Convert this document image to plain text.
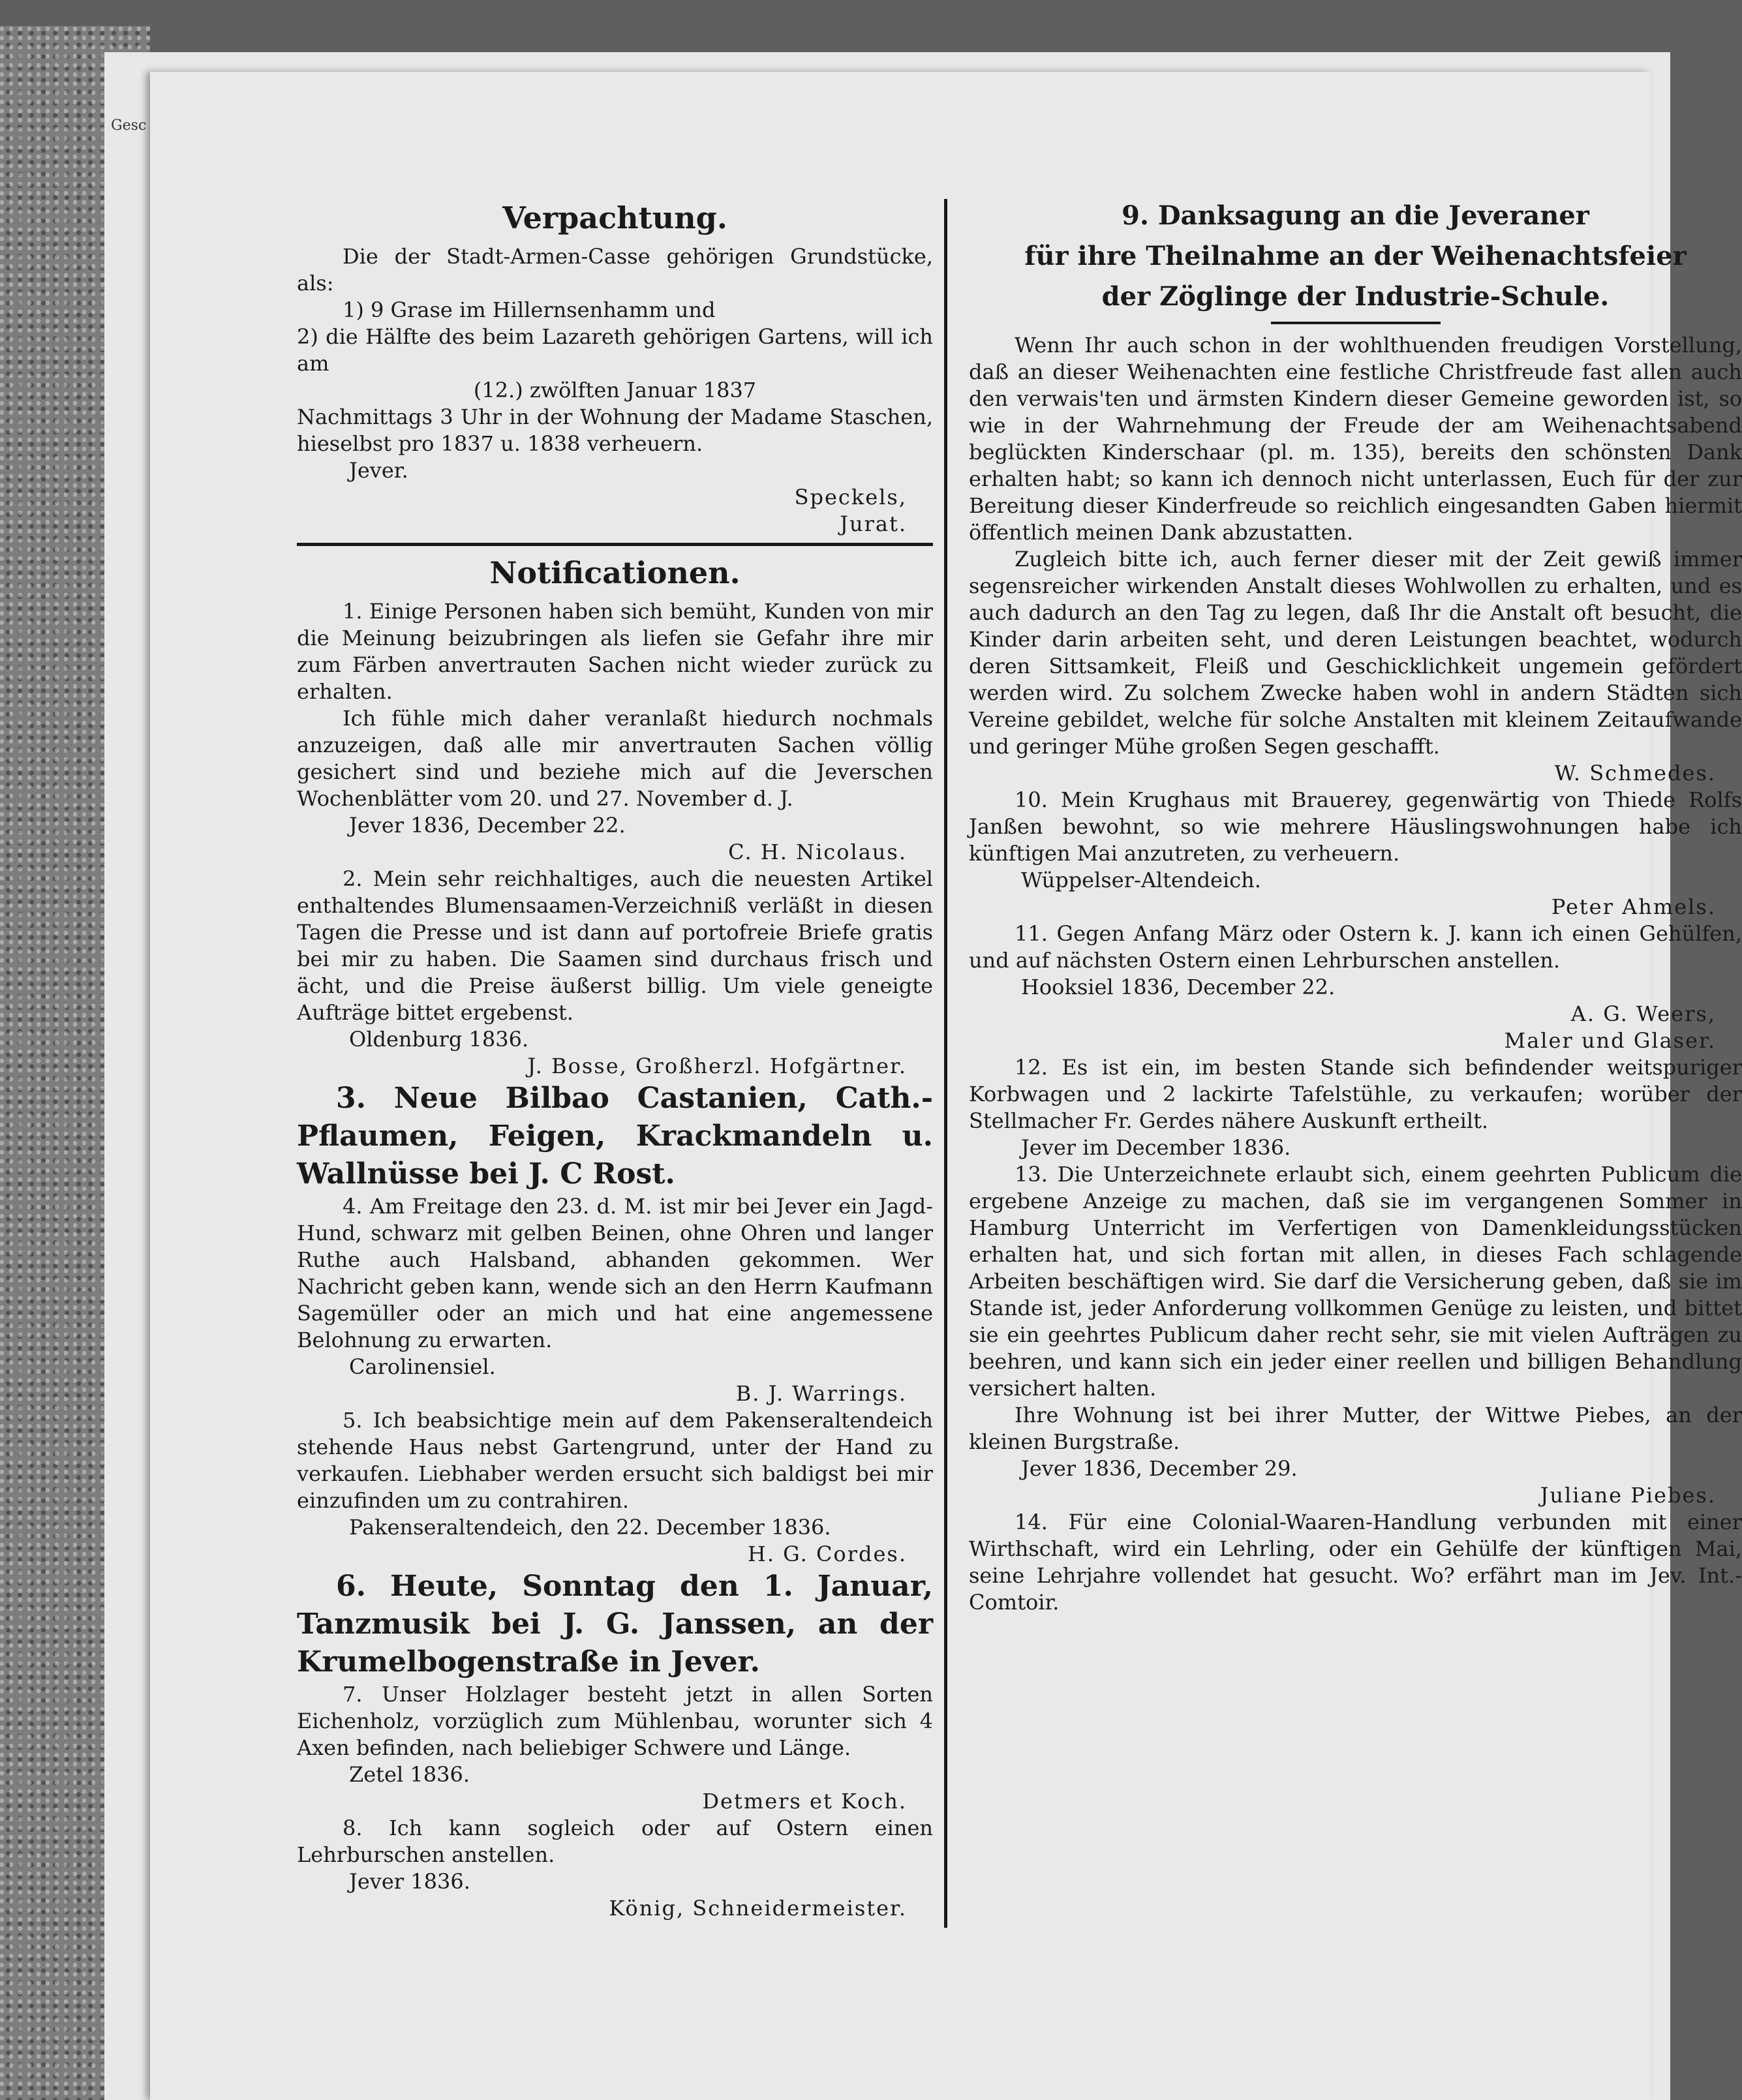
Gesc
Verpachtung.

Die der Stadt-Armen-Casse gehörigen Grundstücke, als:

1) 9 Grase im Hillernsenhamm und

2) die Hälfte des beim Lazareth gehörigen Gartens, will ich am

(12.) zwölften Januar 1837

Nachmittags 3 Uhr in der Wohnung der Madame Staschen, hieselbst pro 1837 u. 1838 verheuern.

Jever.
Speckels,
Jurat.
Notificationen.

1. Einige Personen haben sich bemüht, Kunden von mir die Meinung beizubringen als liefen sie Gefahr ihre mir zum Färben anvertrauten Sachen nicht wieder zurück zu erhalten.

Ich fühle mich daher veranlaßt hiedurch nochmals anzuzeigen, daß alle mir anvertrauten Sachen völlig gesichert sind und beziehe mich auf die Jeverschen Wochenblätter vom 20. und 27. November d. J.

Jever 1836, December 22.
C. H. Nicolaus.

2. Mein sehr reichhaltiges, auch die neuesten Artikel enthaltendes Blumensaamen-Verzeichniß verläßt in diesen Tagen die Presse und ist dann auf portofreie Briefe gratis bei mir zu haben. Die Saamen sind durchaus frisch und ächt, und die Preise äußerst billig. Um viele geneigte Aufträge bittet ergebenst.

Oldenburg 1836.
J. Bosse, Großherzl. Hofgärtner.
3. Neue Bilbao Castanien, Cath.-Pflaumen, Feigen, Krackmandeln u. Wallnüsse bei J. C Rost.

4. Am Freitage den 23. d. M. ist mir bei Jever ein Jagd-Hund, schwarz mit gelben Beinen, ohne Ohren und langer Ruthe auch Halsband, abhanden gekommen. Wer Nachricht geben kann, wende sich an den Herrn Kaufmann Sagemüller oder an mich und hat eine angemessene Belohnung zu erwarten.

Carolinensiel.
B. J. Warrings.

5. Ich beabsichtige mein auf dem Pakenseraltendeich stehende Haus nebst Gartengrund, unter der Hand zu verkaufen. Liebhaber werden ersucht sich baldigst bei mir einzufinden um zu contrahiren.

Pakenseraltendeich, den 22. December 1836.
H. G. Cordes.
6. Heute, Sonntag den 1. Januar, Tanzmusik bei J. G. Janssen, an der Krumelbogenstraße in Jever.

7. Unser Holzlager besteht jetzt in allen Sorten Eichenholz, vorzüglich zum Mühlenbau, worunter sich 4 Axen befinden, nach beliebiger Schwere und Länge.

Zetel 1836.
Detmers et Koch.

8. Ich kann sogleich oder auf Ostern einen Lehrburschen anstellen.

Jever 1836.
König, Schneidermeister.
9. Danksagung an die Jeveraner
für ihre Theilnahme an der Weihenachtsfeier
der Zöglinge der Industrie-Schule.

Wenn Ihr auch schon in der wohlthuenden freudigen Vorstellung, daß an dieser Weihenachten eine festliche Christfreude fast allen auch den verwais'ten und ärmsten Kindern dieser Gemeine geworden ist, so wie in der Wahrnehmung der Freude der am Weihenachtsabend beglückten Kinderschaar (pl. m. 135), bereits den schönsten Dank erhalten habt; so kann ich dennoch nicht unterlassen, Euch für der zur Bereitung dieser Kinderfreude so reichlich eingesandten Gaben hiermit öffentlich meinen Dank abzustatten.

Zugleich bitte ich, auch ferner dieser mit der Zeit gewiß immer segensreicher wirkenden Anstalt dieses Wohlwollen zu erhalten, und es auch dadurch an den Tag zu legen, daß Ihr die Anstalt oft besucht, die Kinder darin arbeiten seht, und deren Leistungen beachtet, wodurch deren Sittsamkeit, Fleiß und Geschicklichkeit ungemein gefördert werden wird. Zu solchem Zwecke haben wohl in andern Städten sich Vereine gebildet, welche für solche Anstalten mit kleinem Zeitaufwande und geringer Mühe großen Segen geschafft.

W. Schmedes.

10. Mein Krughaus mit Brauerey, gegenwärtig von Thiede Rolfs Janßen bewohnt, so wie mehrere Häuslingswohnungen habe ich künftigen Mai anzutreten, zu verheuern.

Wüppelser-Altendeich.
Peter Ahmels.

11. Gegen Anfang März oder Ostern k. J. kann ich einen Gehülfen, und auf nächsten Ostern einen Lehrburschen anstellen.

Hooksiel 1836, December 22.
A. G. Weers,
Maler und Glaser.

12. Es ist ein, im besten Stande sich befindender weitspuriger Korbwagen und 2 lackirte Tafelstühle, zu verkaufen; worüber der Stellmacher Fr. Gerdes nähere Auskunft ertheilt.

Jever im December 1836.

13. Die Unterzeichnete erlaubt sich, einem geehrten Publicum die ergebene Anzeige zu machen, daß sie im vergangenen Sommer in Hamburg Unterricht im Verfertigen von Damenkleidungsstücken erhalten hat, und sich fortan mit allen, in dieses Fach schlagende Arbeiten beschäftigen wird. Sie darf die Versicherung geben, daß sie im Stande ist, jeder Anforderung vollkommen Genüge zu leisten, und bittet sie ein geehrtes Publicum daher recht sehr, sie mit vielen Aufträgen zu beehren, und kann sich ein jeder einer reellen und billigen Behandlung versichert halten.

Ihre Wohnung ist bei ihrer Mutter, der Wittwe Piebes, an der kleinen Burgstraße.

Jever 1836, December 29.
Juliane Piebes.

14. Für eine Colonial-Waaren-Handlung verbunden mit einer Wirthschaft, wird ein Lehrling, oder ein Gehülfe der künftigen Mai, seine Lehrjahre vollendet hat gesucht. Wo? erfährt man im Jev. Int.-Comtoir.
